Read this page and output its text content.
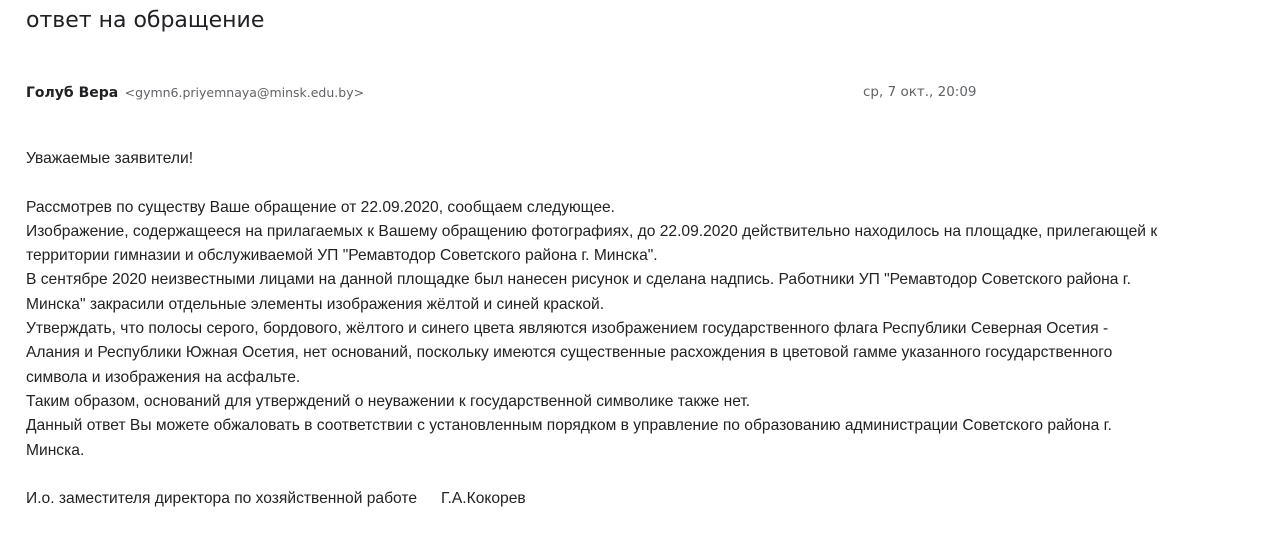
ответ на обращение
Голуб Вера <gymn6.priyemnaya@minsk.edu.by>	ср, 7 окт., 20:09
Уважаемые заявители!
Рассмотрев по существу Ваше обращение от 22.09.2020, сообщаем следующее.
Изображение, содержащееся на прилагаемых к Вашему обращению фотографиях, до 22.09.2020 действительно находилось на площадке, прилегающей к
территории гимназии и обслуживаемой УП "Ремавтодор Советского района г. Минска".
В сентябре 2020 неизвестными лицами на данной площадке был нанесен рисунок и сделана надпись. Работники УП "Ремавтодор Советского района г.
Минска" закрасили отдельные элементы изображения жёлтой и синей краской.
Утверждать, что полосы серого, бордового, жёлтого и синего цвета являются изображением государственного флага Республики Северная Осетия -
Алания и Республики Южная Осетия, нет оснований, поскольку имеются существенные расхождения в цветовой гамме указанного государственного
символа и изображения на асфальте.
Таким образом, оснований для утверждений о неуважении к государственной символике также нет.
Данный ответ Вы можете обжаловать в соответствии с установленным порядком в управление по образованию администрации Советского района г.
Минска.
И.о. заместителя директора по хозяйственной работе Г.А.Кокорев
